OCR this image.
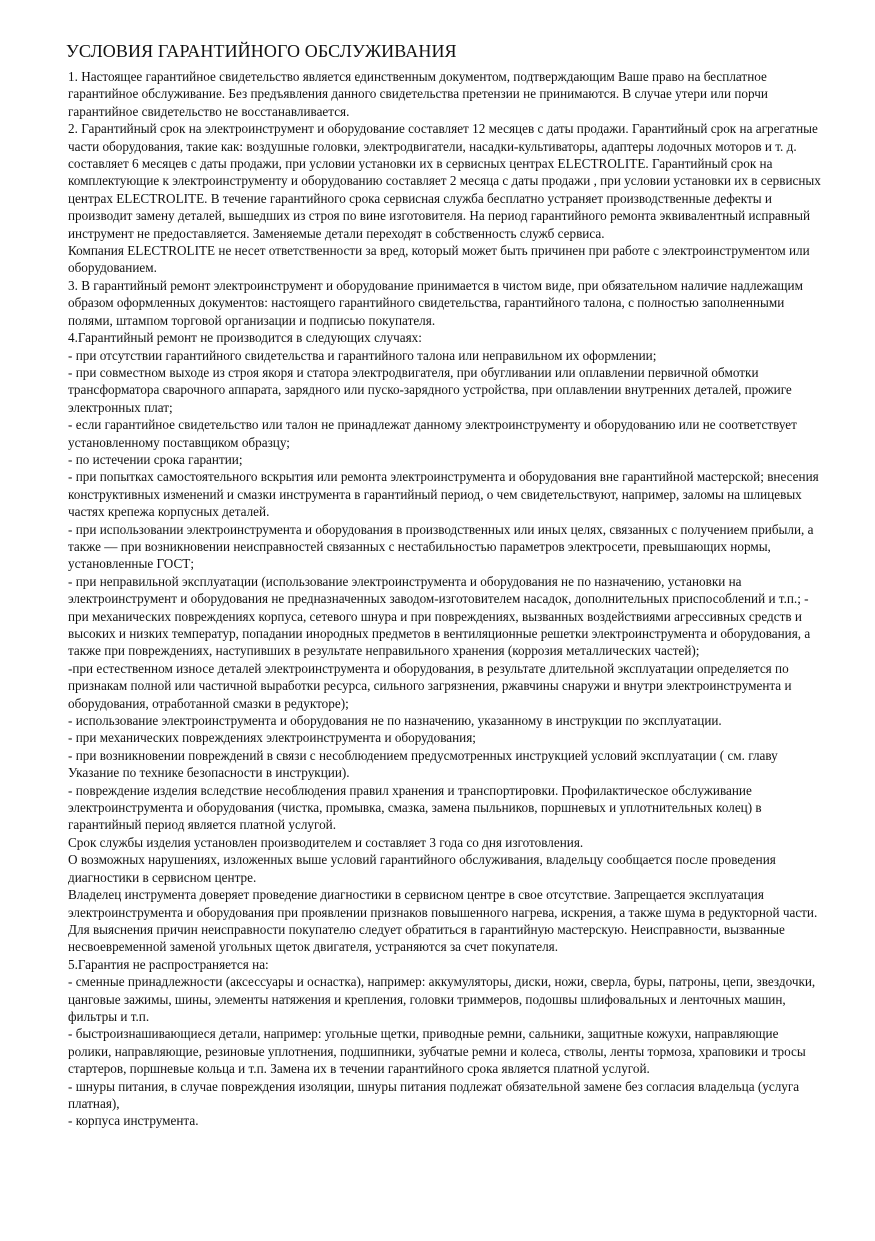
УСЛОВИЯ ГАРАНТИЙНОГО ОБСЛУЖИВАНИЯ

1. Настоящее гарантийное свидетельство является единственным документом, подтверждающим Ваше право на бесплатное гарантийное обслуживание. Без предъявления данного свидетельства претензии не принимаются. В случае утери или порчи гарантийное свидетельство не восстанавливается.

2. Гарантийный срок на электроинструмент и оборудование составляет 12 месяцев с даты продажи. Гарантийный срок на агрегатные части оборудования, такие как: воздушные головки, электродвигатели, насадки-культиваторы, адаптеры лодочных моторов и т. д. составляет 6 месяцев с даты продажи, при условии установки их в сервисных центрах ELECTROLITE. Гарантийный срок на комплектующие к электроинструменту и оборудованию составляет 2 месяца с даты продажи , при условии установки их в сервисных центрах ELECTROLITE. В течение гарантийного срока сервисная служба бесплатно устраняет производственные дефекты и производит замену деталей, вышедших из строя по вине изготовителя. На период гарантийного ремонта эквивалентный исправный инструмент не предоставляется. Заменяемые детали переходят в собственность служб сервиса.

Компания ELECTROLITE не несет ответственности за вред, который может быть причинен при работе с электроинструментом или оборудованием.

3. В гарантийный ремонт электроинструмент и оборудование принимается в чистом виде, при обязательном наличие надлежащим образом оформленных документов: настоящего гарантийного свидетельства, гарантийного талона, с полностью заполненными полями, штампом торговой организации и подписью покупателя.

4.Гарантийный ремонт не производится в следующих случаях:

- при отсутствии гарантийного свидетельства и гарантийного талона или неправильном их оформлении;

- при совместном выходе из строя якоря и статора электродвигателя, при обугливании или оплавлении первичной обмотки трансформатора сварочного аппарата, зарядного или пуско-зарядного устройства, при оплавлении внутренних деталей, прожиге электронных плат;

- если гарантийное свидетельство или талон не принадлежат данному электроинструменту и оборудованию или не соответствует установленному поставщиком образцу;

- по истечении срока гарантии;

- при попытках самостоятельного вскрытия или ремонта электроинструмента и оборудования вне гарантийной мастерской; внесения конструктивных изменений и смазки инструмента в гарантийный период, о чем свидетельствуют, например, заломы на шлицевых частях крепежа корпусных деталей.

- при использовании электроинструмента и оборудования в производственных или иных целях, связанных с получением прибыли, а также — при возникновении неисправностей связанных с нестабильностью параметров электросети, превышающих нормы, установленные ГОСТ;

- при неправильной эксплуатации (использование электроинструмента и оборудования не по назначению, установки на электроинструмент и оборудования не предназначенных заводом-изготовителем насадок, дополнительных приспособлений и т.п.; - при механических повреждениях корпуса, сетевого шнура и при повреждениях, вызванных воздействиями агрессивных средств и высоких и низких температур, попадании инородных предметов в вентиляционные решетки электроинструмента и оборудования, а также при повреждениях, наступивших в результате неправильного хранения (коррозия металлических частей);

-при естественном износе деталей электроинструмента и оборудования, в результате длительной эксплуатации определяется по признакам полной или частичной выработки ресурса, сильного загрязнения, ржавчины снаружи и внутри электроинструмента и оборудования, отработанной смазки в редукторе);

- использование электроинструмента и оборудования не по назначению, указанному в инструкции по эксплуатации.

- при механических повреждениях электроинструмента и оборудования;

- при возникновении повреждений в связи с несоблюдением предусмотренных инструкцией условий эксплуатации ( см. главу Указание по технике безопасности в инструкции).

- повреждение изделия вследствие несоблюдения правил хранения и транспортировки. Профилактическое обслуживание электроинструмента и оборудования (чистка, промывка, смазка, замена пыльников, поршневых и уплотнительных колец) в гарантийный период является платной услугой.

Срок службы изделия установлен производителем и составляет 3 года со дня изготовления.

О возможных нарушениях, изложенных выше условий гарантийного обслуживания, владельцу сообщается после проведения диагностики в сервисном центре.

Владелец инструмента доверяет проведение диагностики в сервисном центре в свое отсутствие. Запрещается эксплуатация электроинструмента и оборудования при проявлении признаков повышенного нагрева, искрения, а также шума в редукторной части. Для выяснения причин неисправности покупателю следует обратиться в гарантийную мастерскую. Неисправности, вызванные несвоевременной заменой угольных щеток двигателя, устраняются за счет покупателя.

5.Гарантия не распространяется на:

- сменные принадлежности (аксессуары и оснастка), например: аккумуляторы, диски, ножи, сверла, буры, патроны, цепи, звездочки, цанговые зажимы, шины, элементы натяжения и крепления, головки триммеров, подошвы шлифовальных и ленточных машин, фильтры и т.п.

- быстроизнашивающиеся детали, например: угольные щетки, приводные ремни, сальники, защитные кожухи, направляющие ролики, направляющие, резиновые уплотнения, подшипники, зубчатые ремни и колеса, стволы, ленты тормоза, храповики и тросы стартеров, поршневые кольца и т.п. Замена их в течении гарантийного срока является платной услугой.

- шнуры питания, в случае повреждения изоляции, шнуры питания подлежат обязательной замене без согласия владельца (услуга платная),

- корпуса инструмента.
